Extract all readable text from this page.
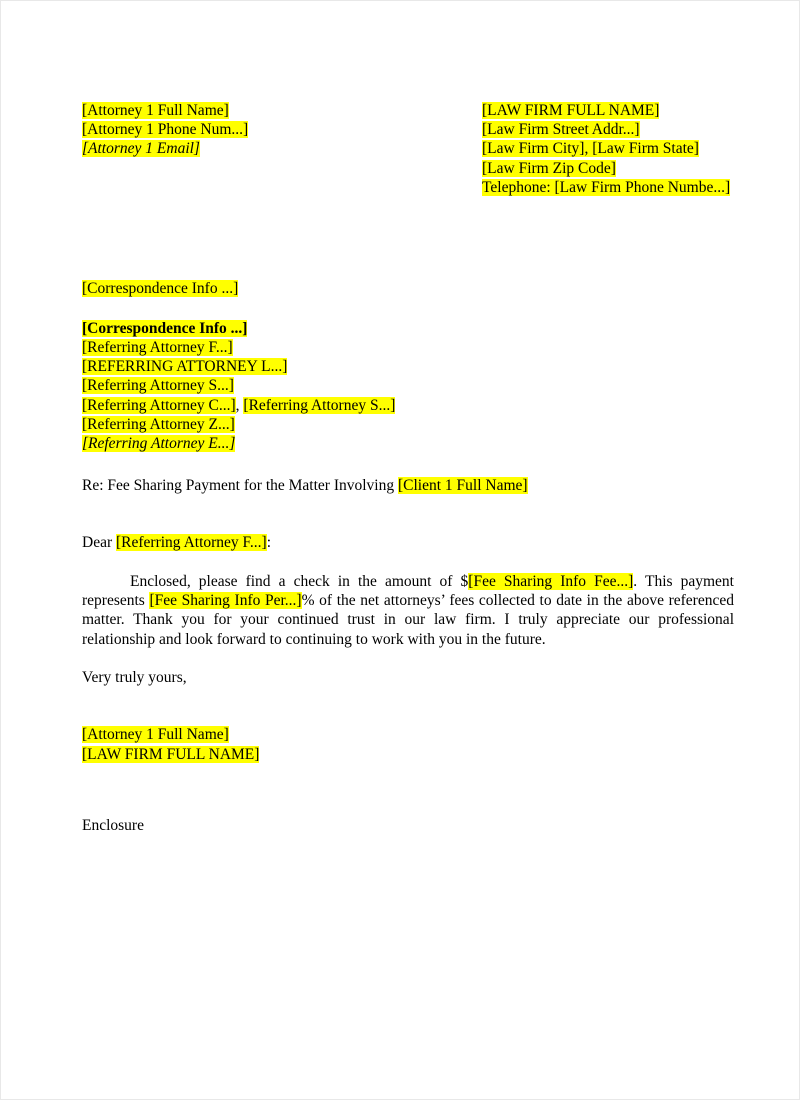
[Attorney 1 Full Name]
[Attorney 1 Phone Num...]
[Attorney 1 Email]
[LAW FIRM FULL NAME]
[Law Firm Street Addr...]
[Law Firm City], [Law Firm State]
[Law Firm Zip Code]
Telephone: [Law Firm Phone Numbe...]
[Correspondence Info ...]
[Correspondence Info ...]
[Referring Attorney F...]
[REFERRING ATTORNEY L...]
[Referring Attorney S...]
[Referring Attorney C...], [Referring Attorney S...]
[Referring Attorney Z...]
[Referring Attorney E...]
Re: Fee Sharing Payment for the Matter Involving [Client 1 Full Name]
Dear [Referring Attorney F...]:
Enclosed, please find a check in the amount of $[Fee Sharing Info Fee...]. This payment represents [Fee Sharing Info Per...]% of the net attorneys’ fees collected to date in the above referenced matter. Thank you for your continued trust in our law firm. I truly appreciate our professional relationship and look forward to continuing to work with you in the future.
Very truly yours,
[Attorney 1 Full Name]
[LAW FIRM FULL NAME]
Enclosure
